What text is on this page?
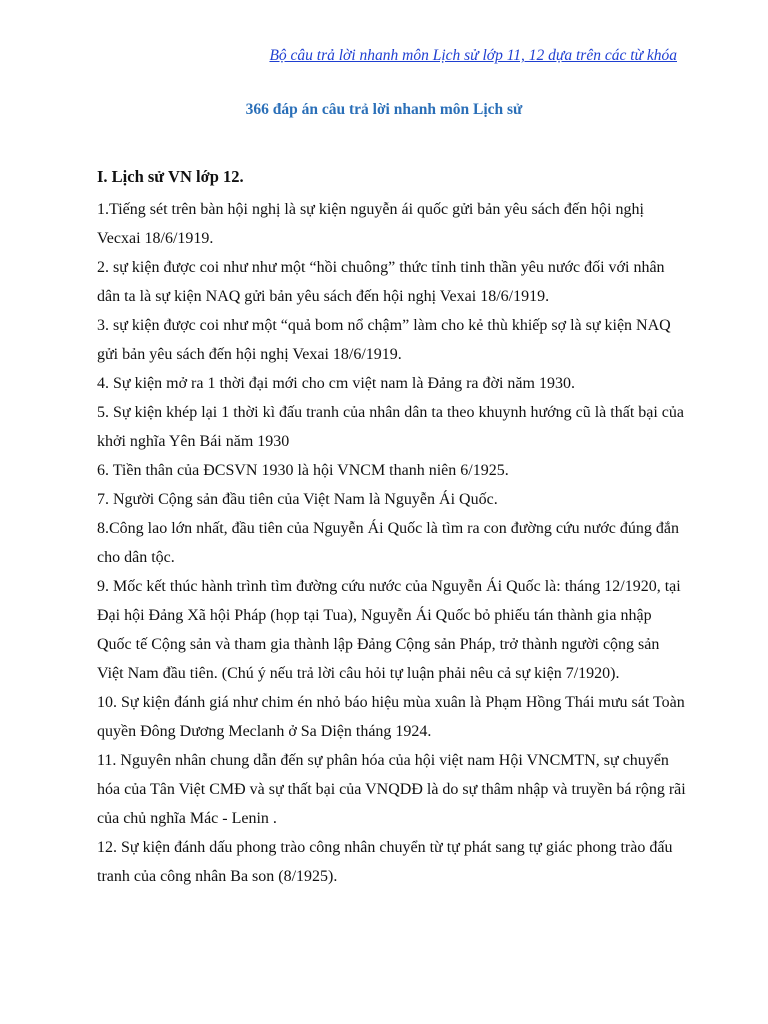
Bộ câu trả lời nhanh môn Lịch sử lớp 11, 12 dựa trên các từ khóa
366 đáp án câu trả lời nhanh môn Lịch sử
I. Lịch sử VN lớp 12.

1.Tiếng sét trên bàn hội nghị là sự kiện nguyễn ái quốc gửi bản yêu sách đến hội nghị Vecxai 18/6/1919.

2. sự kiện được coi như như một “hồi chuông” thức tỉnh tinh thần yêu nước đối với nhân dân ta là sự kiện NAQ gửi bản yêu sách đến hội nghị Vexai 18/6/1919.

3. sự kiện được coi như một “quả bom nổ chậm” làm cho kẻ thù khiếp sợ là sự kiện NAQ gửi bản yêu sách đến hội nghị Vexai 18/6/1919.

4. Sự kiện mở ra 1 thời đại mới cho cm việt nam là Đảng ra đời năm 1930.

5. Sự kiện khép lại 1 thời kì đấu tranh của nhân dân ta theo khuynh hướng cũ là thất bại của khởi nghĩa Yên Bái năm 1930

6. Tiền thân của ĐCSVN 1930 là hội VNCM thanh niên 6/1925.

7. Người Cộng sản đầu tiên của Việt Nam là Nguyễn Ái Quốc.

8.Công lao lớn nhất, đầu tiên của Nguyễn Ái Quốc là tìm ra con đường cứu nước đúng đắn cho dân tộc.

9. Mốc kết thúc hành trình tìm đường cứu nước của Nguyễn Ái Quốc là: tháng 12/1920, tại Đại hội Đảng Xã hội Pháp (họp tại Tua), Nguyễn Ái Quốc bỏ phiếu tán thành gia nhập Quốc tế Cộng sản và tham gia thành lập Đảng Cộng sản Pháp, trở thành người cộng sản Việt Nam đầu tiên. (Chú ý nếu trả lời câu hỏi tự luận phải nêu cả sự kiện 7/1920).

10. Sự kiện đánh giá như chim én nhỏ báo hiệu mùa xuân là Phạm Hồng Thái mưu sát Toàn quyền Đông Dương Meclanh ở Sa Diện tháng 1924.

11. Nguyên nhân chung dẫn đến sự phân hóa của hội việt nam Hội VNCMTN, sự chuyển hóa của Tân Việt CMĐ và sự thất bại của VNQDĐ là do sự thâm nhập và truyền bá rộng rãi của chủ nghĩa Mác - Lenin .

12. Sự kiện đánh dấu phong trào công nhân chuyển từ tự phát sang tự giác phong trào đấu tranh của công nhân Ba son (8/1925).
